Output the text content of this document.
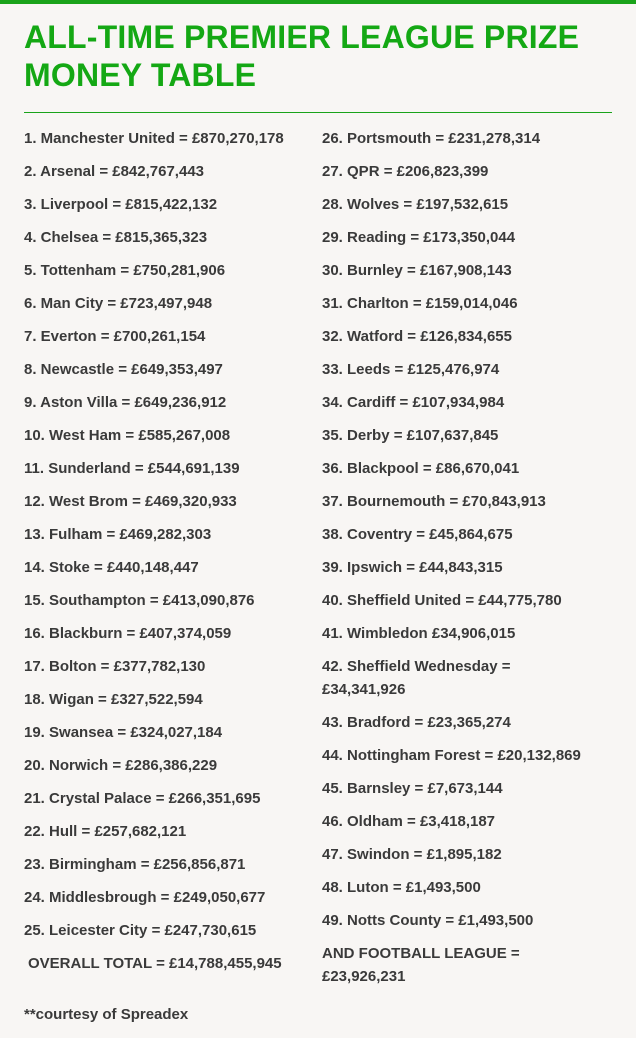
ALL-TIME PREMIER LEAGUE PRIZE MONEY TABLE
1. Manchester United = £870,270,178
2. Arsenal = £842,767,443
3. Liverpool = £815,422,132
4. Chelsea = £815,365,323
5. Tottenham = £750,281,906
6. Man City = £723,497,948
7. Everton = £700,261,154
8. Newcastle = £649,353,497
9. Aston Villa = £649,236,912
10. West Ham = £585,267,008
11. Sunderland = £544,691,139
12. West Brom = £469,320,933
13. Fulham = £469,282,303
14. Stoke = £440,148,447
15. Southampton = £413,090,876
16. Blackburn = £407,374,059
17. Bolton = £377,782,130
18. Wigan = £327,522,594
19. Swansea = £324,027,184
20. Norwich = £286,386,229
21. Crystal Palace = £266,351,695
22. Hull = £257,682,121
23. Birmingham = £256,856,871
24. Middlesbrough = £249,050,677
25. Leicester City = £247,730,615
OVERALL TOTAL = £14,788,455,945
26. Portsmouth = £231,278,314
27. QPR = £206,823,399
28. Wolves = £197,532,615
29. Reading = £173,350,044
30. Burnley = £167,908,143
31. Charlton = £159,014,046
32. Watford = £126,834,655
33. Leeds = £125,476,974
34. Cardiff = £107,934,984
35. Derby = £107,637,845
36. Blackpool = £86,670,041
37. Bournemouth = £70,843,913
38. Coventry = £45,864,675
39. Ipswich = £44,843,315
40. Sheffield United = £44,775,780
41. Wimbledon £34,906,015
42. Sheffield Wednesday = £34,341,926
43. Bradford = £23,365,274
44. Nottingham Forest = £20,132,869
45. Barnsley = £7,673,144
46. Oldham = £3,418,187
47. Swindon = £1,895,182
48. Luton = £1,493,500
49. Notts County = £1,493,500
AND FOOTBALL LEAGUE = £23,926,231
**courtesy of Spreadex
